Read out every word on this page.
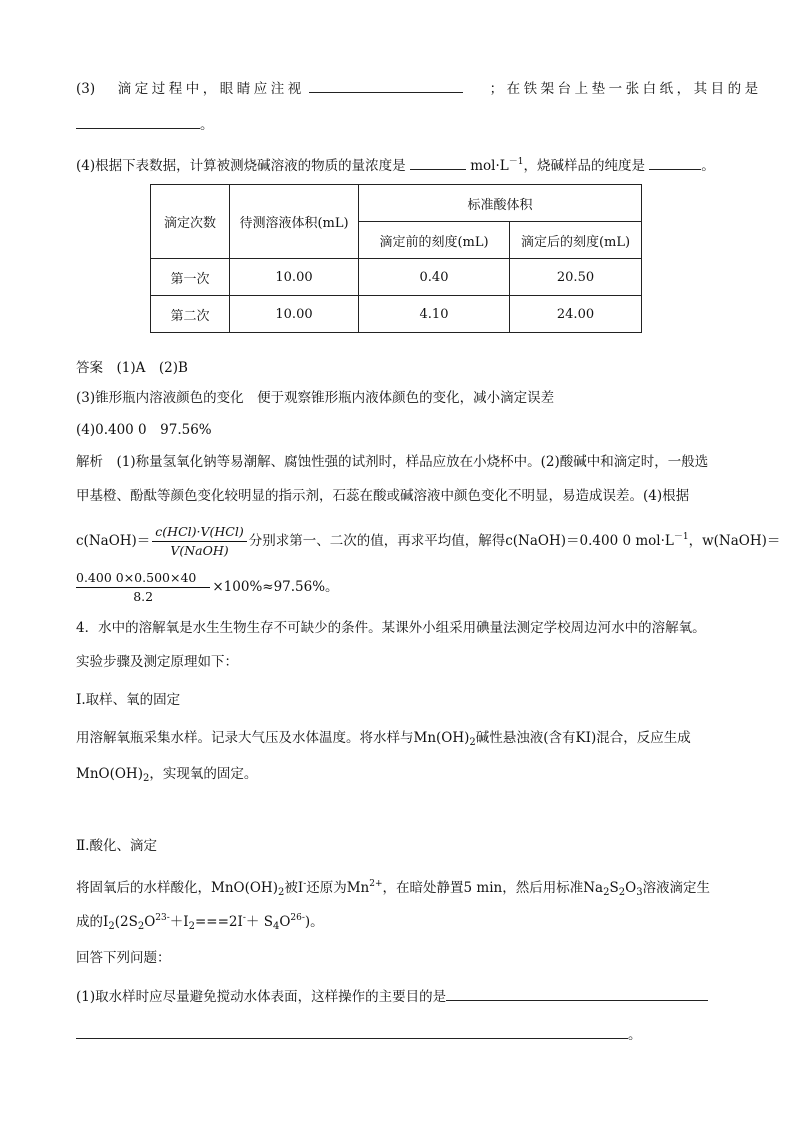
(3) 滴定过程中，眼睛应注视	；在铁架台上垫一张白纸，其目的是
。
(4)根据下表数据，计算被测烧碱溶液的物质的量浓度是	$mol\cdot L^{-1}$，烧碱样品的纯度是	。
滴定次数	待测溶液体积(mL)	标准酸体积	
		滴定前的刻度(mL)	滴定后的刻度(mL)
第一次	10.00	0.40	20.50
第二次	10.00	4.10	24.00
答案　(1)A　(2)B
(3)锥形瓶内溶液颜色的变化　便于观察锥形瓶内液体颜色的变化，减小滴定误差
(4)0.400 0　97.56%
解析　(1)称量氢氧化钠等易潮解、腐蚀性强的试剂时，样品应放在小烧杯中。(2)酸碱中和滴定时，一般选
甲基橙、酚酞等颜色变化较明显的指示剂，石蕊在酸或碱溶液中颜色变化不明显，易造成误差。(4)根据
c(NaOH)＝ $\frac{\text{c(HCl)·V(HCl)}}{\text{V(NaOH)}}$ 分别求第一、二次的值，再求平均值，解得c(NaOH)＝0.400 0 $mol\cdot L^{-1}$，w(NaOH)＝
$\frac{0.400 0\times 0.500\times 40}{8.2} \times 100\%\approx 97.56\%$。
4．水中的溶解氧是水生生物生存不可缺少的条件。某课外小组采用碘量法测定学校周边河水中的溶解氧。
实验步骤及测定原理如下：
Ⅰ.取样、氧的固定
用溶解氧瓶采集水样。记录大气压及水体温度。将水样与$Mn(OH)_2$碱性悬浊液(含有KI)混合，反应生成
$MnO(OH)_2$，实现氧的固定。
Ⅱ.酸化、滴定
将固氧后的水样酸化，$MnO(OH)_2$被I-还原为$Mn^{2+}$，在暗处静置5 min，然后用标准$Na_2S_2O_3$溶液滴定生
成的$I_2(2S_2O^{23-}+I_2===2I^-+ S_4O^{26-})$。
回答下列问题：
(1)取水样时应尽量避免搅动水体表面，这样操作的主要目的是
。
